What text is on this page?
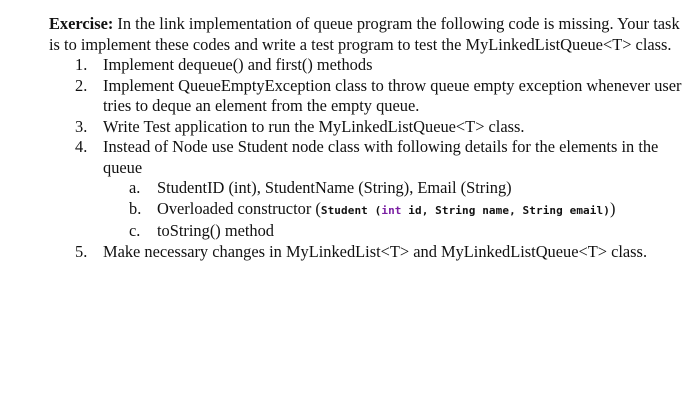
Exercise: In the link implementation of queue program the following code is missing. Your task is to implement these codes and write a test program to test the MyLinkedListQueue<T> class.

1. Implement dequeue() and first() methods
2. Implement QueueEmptyException class to throw queue empty exception whenever user tries to deque an element from the empty queue.
3. Write Test application to run the MyLinkedListQueue<T> class.
4. Instead of Node use Student node class with following details for the elements in the queue
a. StudentID (int), StudentName (String), Email (String)
b. Overloaded constructor (Student (int id, String name, String email))
c. toString() method
5. Make necessary changes in MyLinkedList<T> and MyLinkedListQueue<T> class.
